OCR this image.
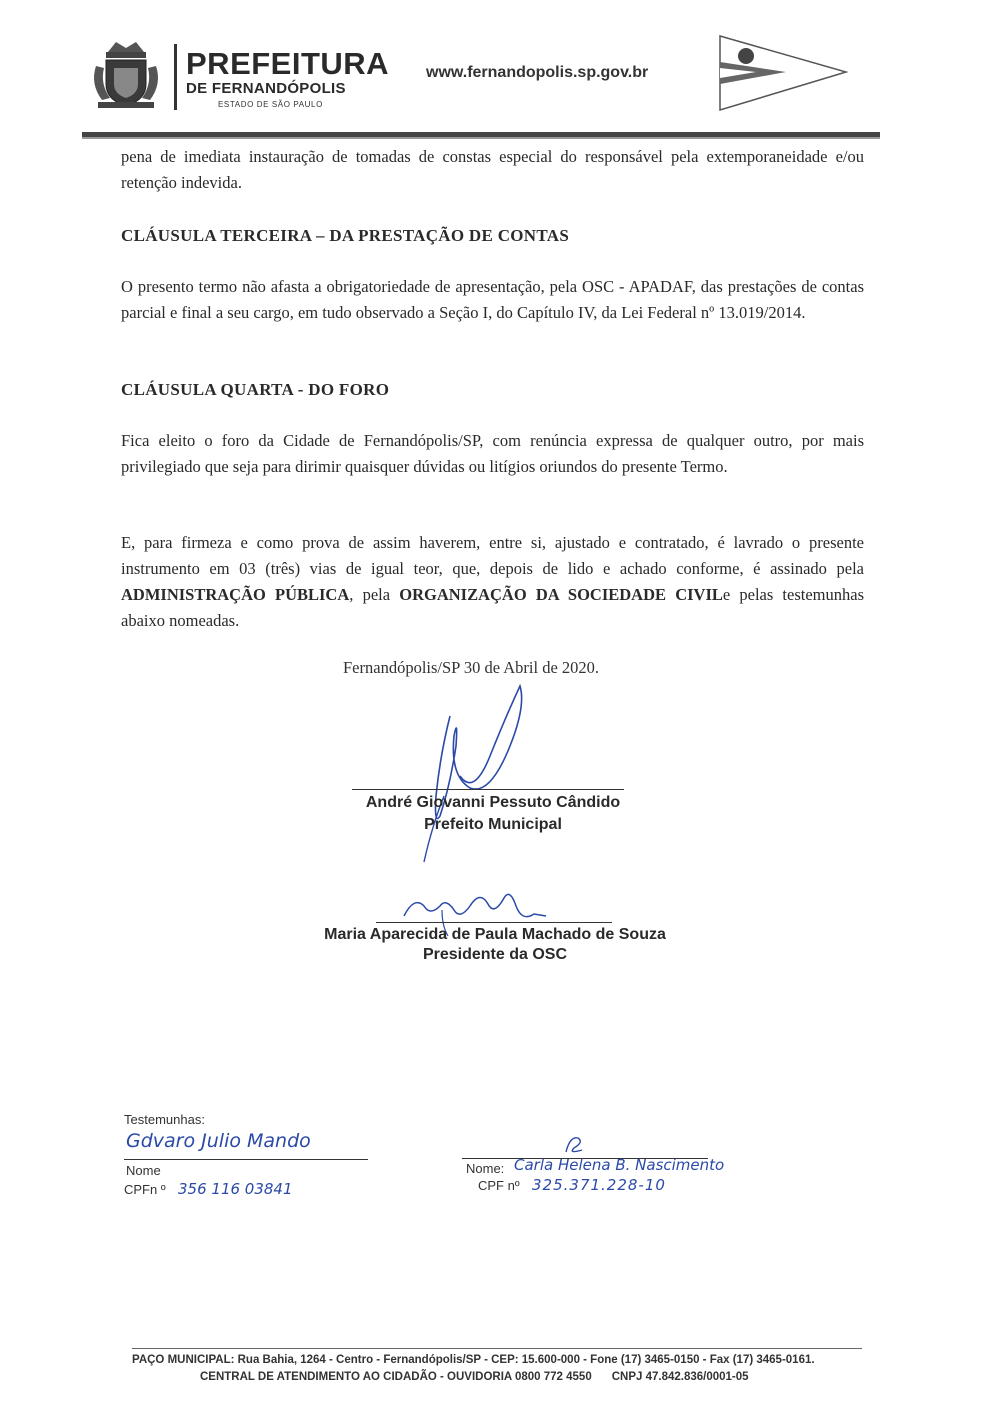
PREFEITURA
DE FERNANDÓPOLIS
ESTADO DE SÃO PAULO
www.fernandopolis.sp.gov.br
pena de imediata instauração de tomadas de constas especial do responsável pela extemporaneidade e/ou retenção indevida.
CLÁUSULA TERCEIRA – DA PRESTAÇÃO DE CONTAS
O presento termo não afasta a obrigatoriedade de apresentação, pela OSC - APADAF, das prestações de contas parcial e final a seu cargo, em tudo observado a Seção I, do Capítulo IV, da Lei Federal nº 13.019/2014.
CLÁUSULA QUARTA - DO FORO
Fica eleito o foro da Cidade de Fernandópolis/SP, com renúncia expressa de qualquer outro, por mais privilegiado que seja para dirimir quaisquer dúvidas ou litígios oriundos do presente Termo.
E, para firmeza e como prova de assim haverem, entre si, ajustado e contratado, é lavrado o presente instrumento em 03 (três) vias de igual teor, que, depois de lido e achado conforme, é assinado pela ADMINISTRAÇÃO PÚBLICA, pela ORGANIZAÇÃO DA SOCIEDADE CIVILe pelas testemunhas abaixo nomeadas.
Fernandópolis/SP 30 de Abril de 2020.
André Giovanni Pessuto Cândido
Prefeito Municipal
Maria Aparecida de Paula Machado de Souza
Presidente da OSC
Testemunhas:
Gdvaro Julio Mando
Nome
CPFn º 356 116 03841
Nome: Carla Helena B. Nascimento
CPF nº 325.371.228-10
PAÇO MUNICIPAL: Rua Bahia, 1264 - Centro - Fernandópolis/SP - CEP: 15.600-000 - Fone (17) 3465-0150 - Fax (17) 3465-0161.
CENTRAL DE ATENDIMENTO AO CIDADÃO - OUVIDORIA 0800 772 4550 CNPJ 47.842.836/0001-05
